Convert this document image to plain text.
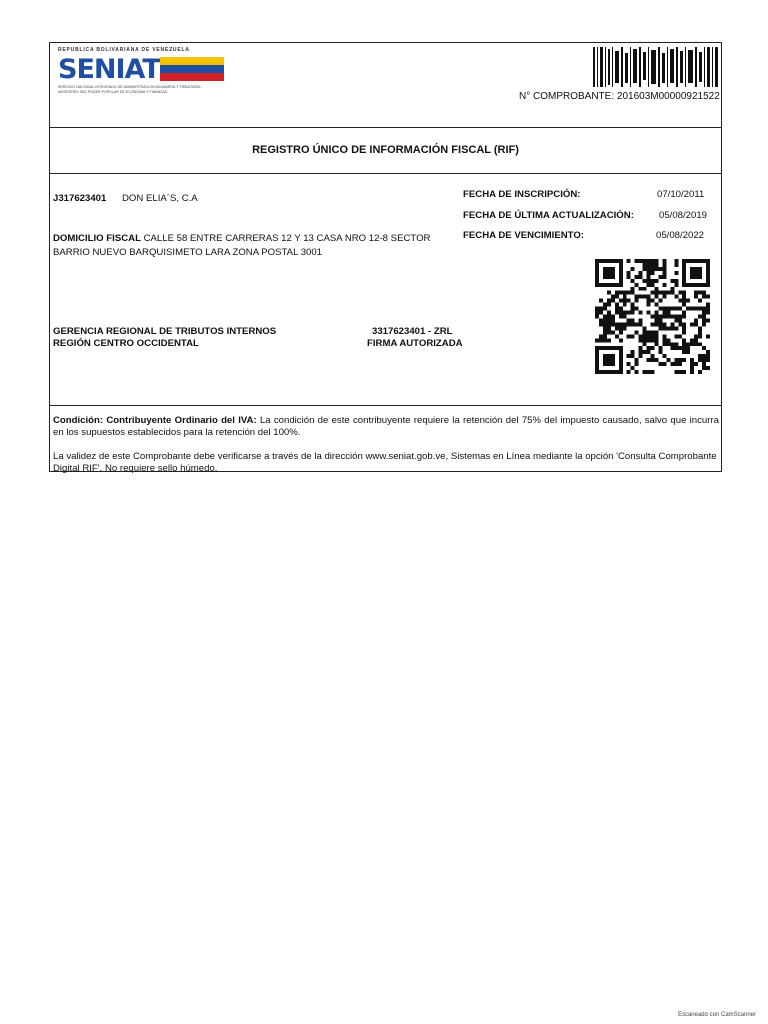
REPUBLICA BOLIVARIANA DE VENEZUELA
SENIAT
SERVICIO NACIONAL INTEGRADO DE ADMINISTRACION ADUANERA Y TRIBUTARIA
MINISTERIO DEL PODER POPULAR DE ECONOMIA Y FINANZAS	N° COMPROBANTE: 201603M00000921522
REGISTRO ÚNICO DE INFORMACIÓN FISCAL (RIF)
J317623401 DON ELIA´S, C.A	FECHA DE INSCRIPCIÓN:	07/10/2011
FECHA DE ÚLTIMA ACTUALIZACIÓN:	05/08/2019
FECHA DE VENCIMIENTO:	05/08/2022
DOMICILIO FISCAL CALLE 58 ENTRE CARRERAS 12 Y 13 CASA NRO 12-8 SECTOR
BARRIO NUEVO BARQUISIMETO LARA ZONA POSTAL 3001
GERENCIA REGIONAL DE TRIBUTOS INTERNOS
REGIÓN CENTRO OCCIDENTAL
3317623401 - ZRL
FIRMA AUTORIZADA
Condición: Contribuyente Ordinario del IVA: La condición de este contribuyente requiere la retención del 75% del impuesto causado, salvo que incurra en los supuestos establecidos para la retención del 100%.
La validez de este Comprobante debe verificarse a través de la dirección www.seniat.gob.ve, Sistemas en Línea mediante la opción 'Consulta Comprobante Digital RIF'. No requiere sello húmedo.
Escaneado con CamScanner
